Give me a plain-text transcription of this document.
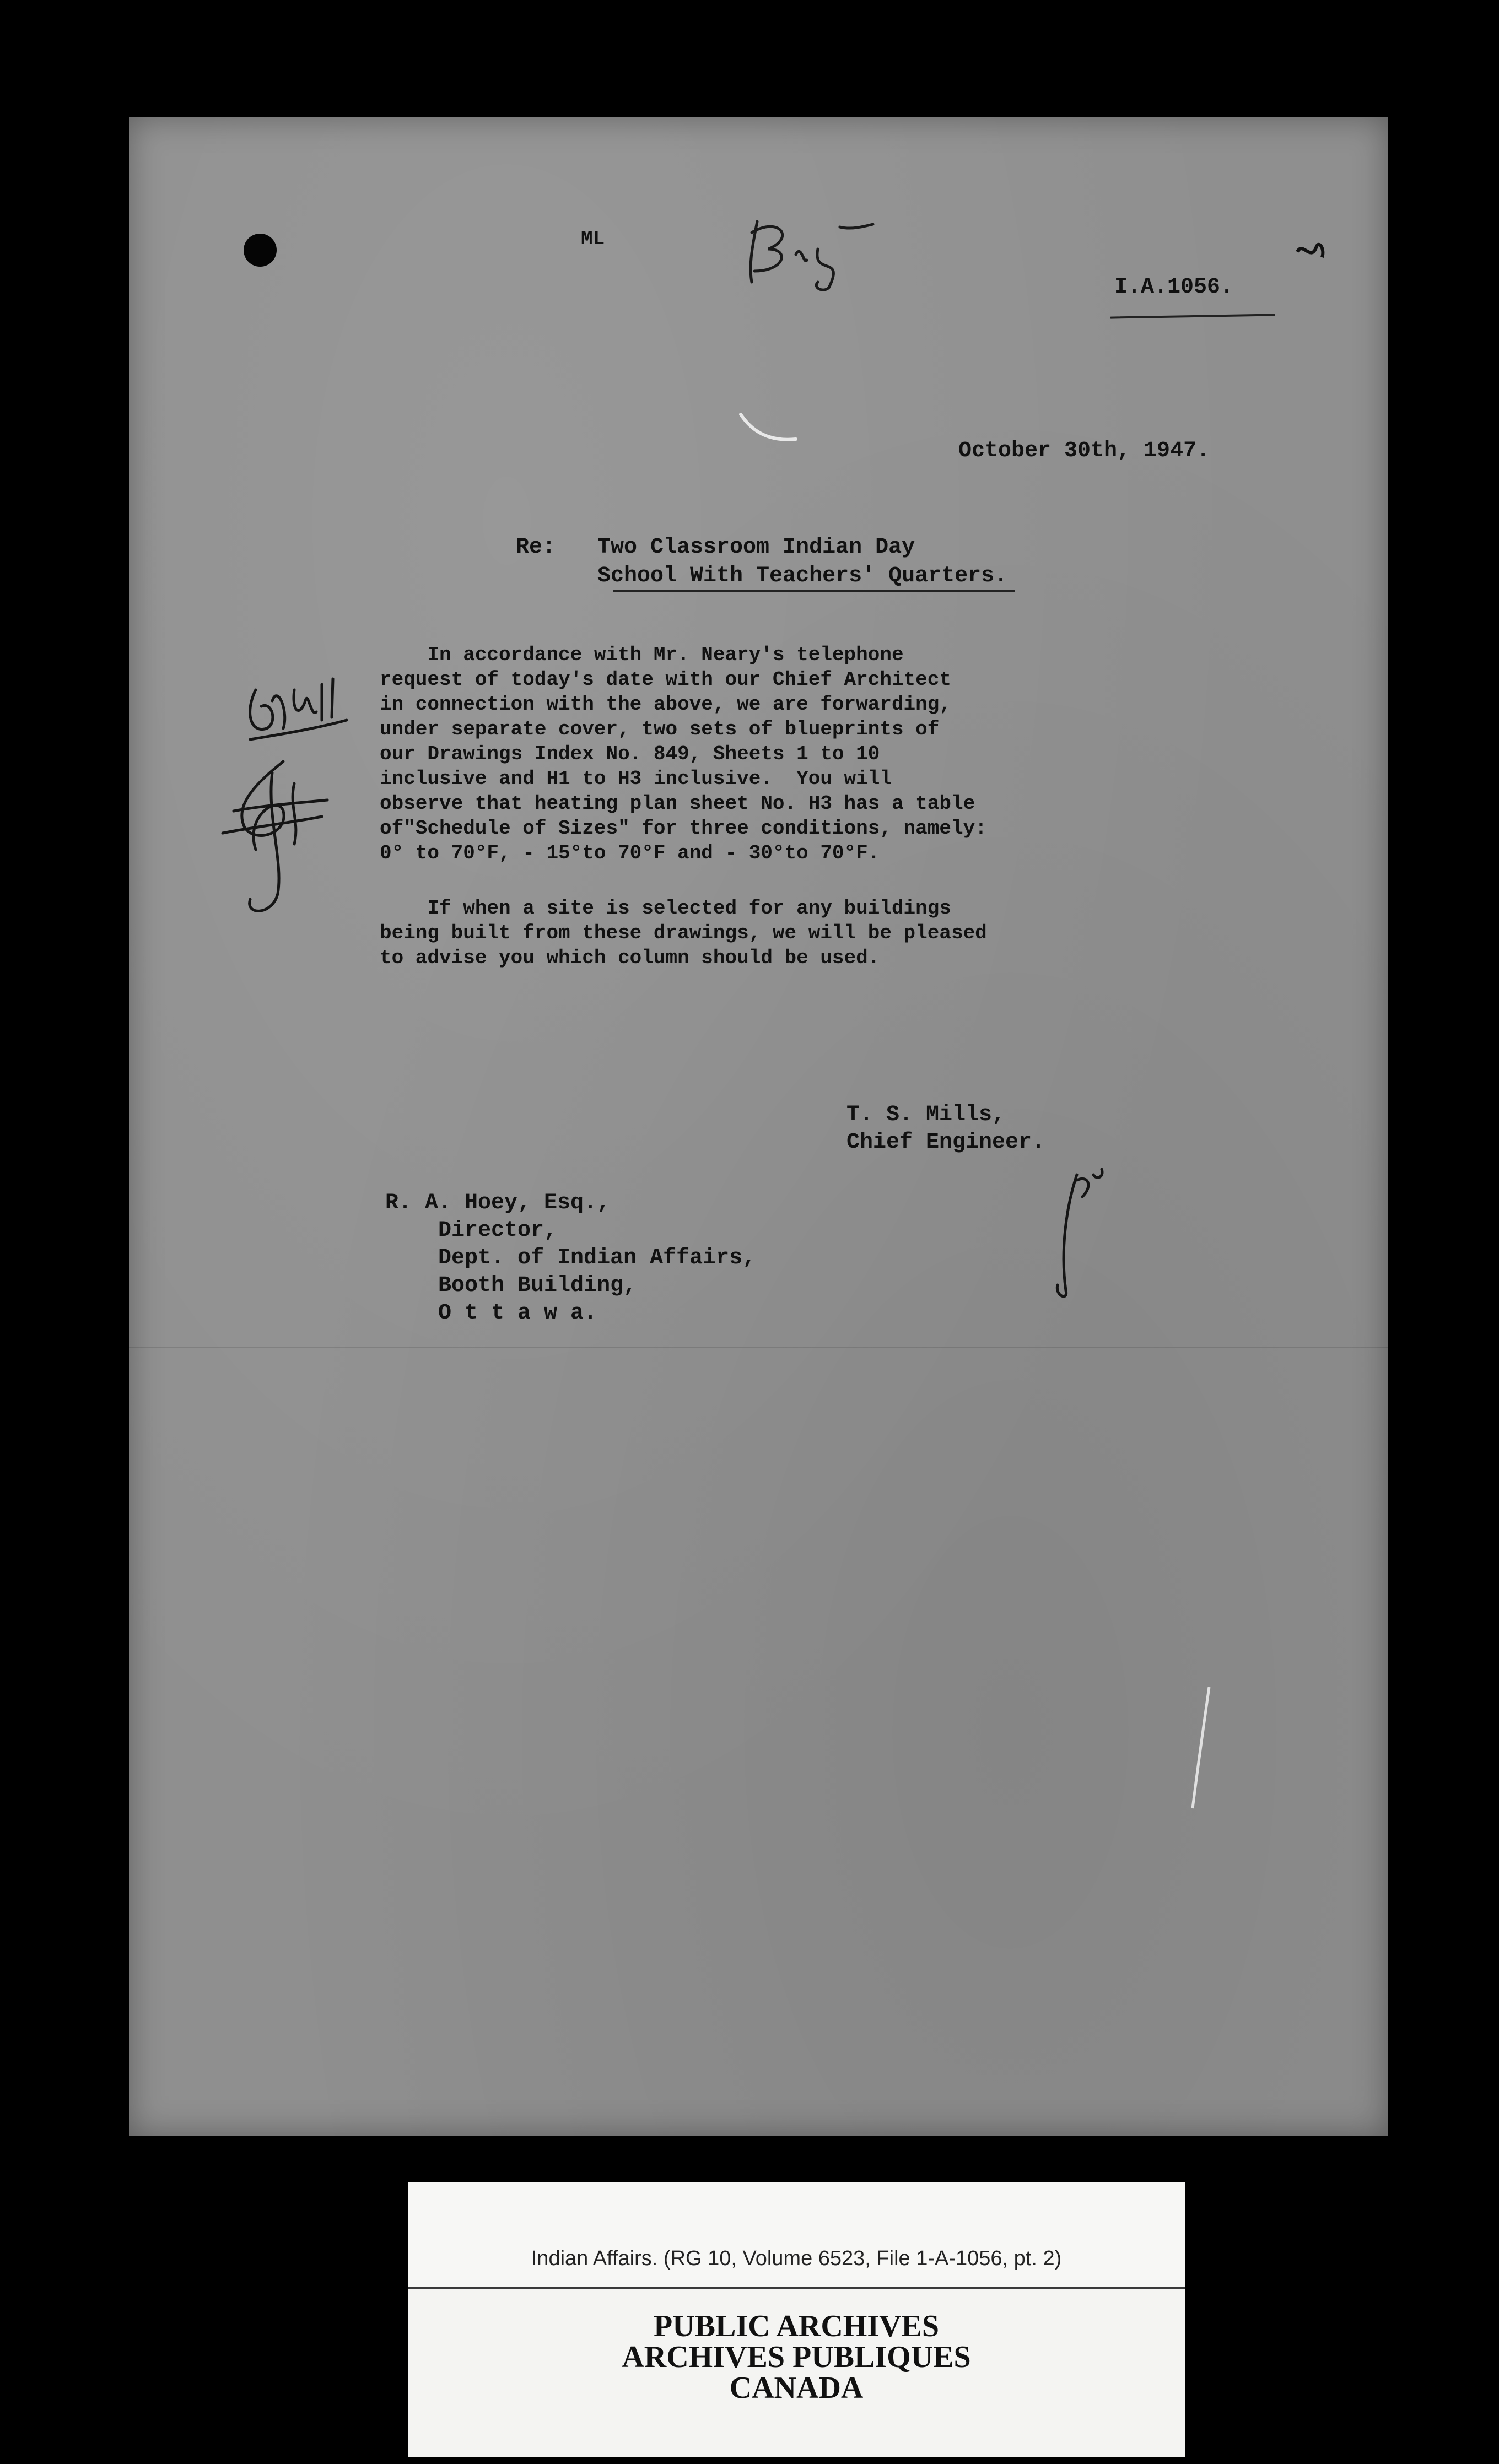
ML
I.A.1056.
October 30th, 1947.
Re: Two Classroom Indian Day
School With Teachers' Quarters.
In accordance with Mr. Neary's telephone
request of today's date with our Chief Architect
in connection with the above, we are forwarding,
under separate cover, two sets of blueprints of
our Drawings Index No. 849, Sheets 1 to 10
inclusive and H1 to H3 inclusive.  You will
observe that heating plan sheet No. H3 has a table
of"Schedule of Sizes" for three conditions, namely:
0° to 70°F, - 15°to 70°F and - 30°to 70°F.
If when a site is selected for any buildings
being built from these drawings, we will be pleased
to advise you which column should be used.
T. S. Mills,
Chief Engineer.
R. A. Hoey, Esq.,
Director,
Dept. of Indian Affairs,
Booth Building,
O t t a w a.
Indian Affairs. (RG 10, Volume 6523, File 1-A-1056, pt. 2)
PUBLIC ARCHIVES
ARCHIVES PUBLIQUES
CANADA
